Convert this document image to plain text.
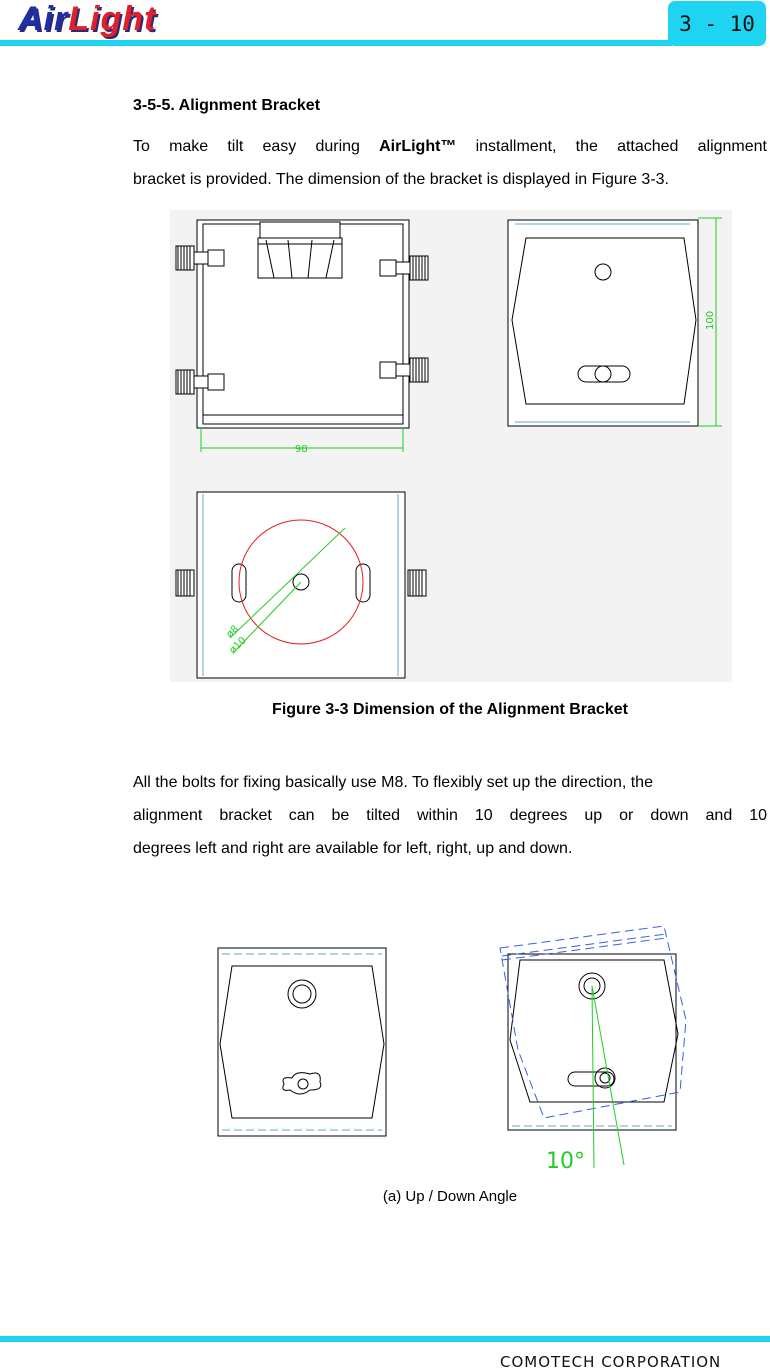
AirLight	3 - 10
3-5-5. Alignment Bracket
To make tilt easy during AirLight™ installment, the attached alignment
bracket is provided. The dimension of the bracket is displayed in Figure 3-3.
98
100
ø8
ø10
Figure 3-3 Dimension of the Alignment Bracket
All the bolts for fixing basically use M8. To flexibly set up the direction, the
alignment bracket can be tilted within 10 degrees up or down and 10
degrees left and right are available for left, right, up and down.
10°
(a) Up / Down Angle
COMOTECH CORPORATION
